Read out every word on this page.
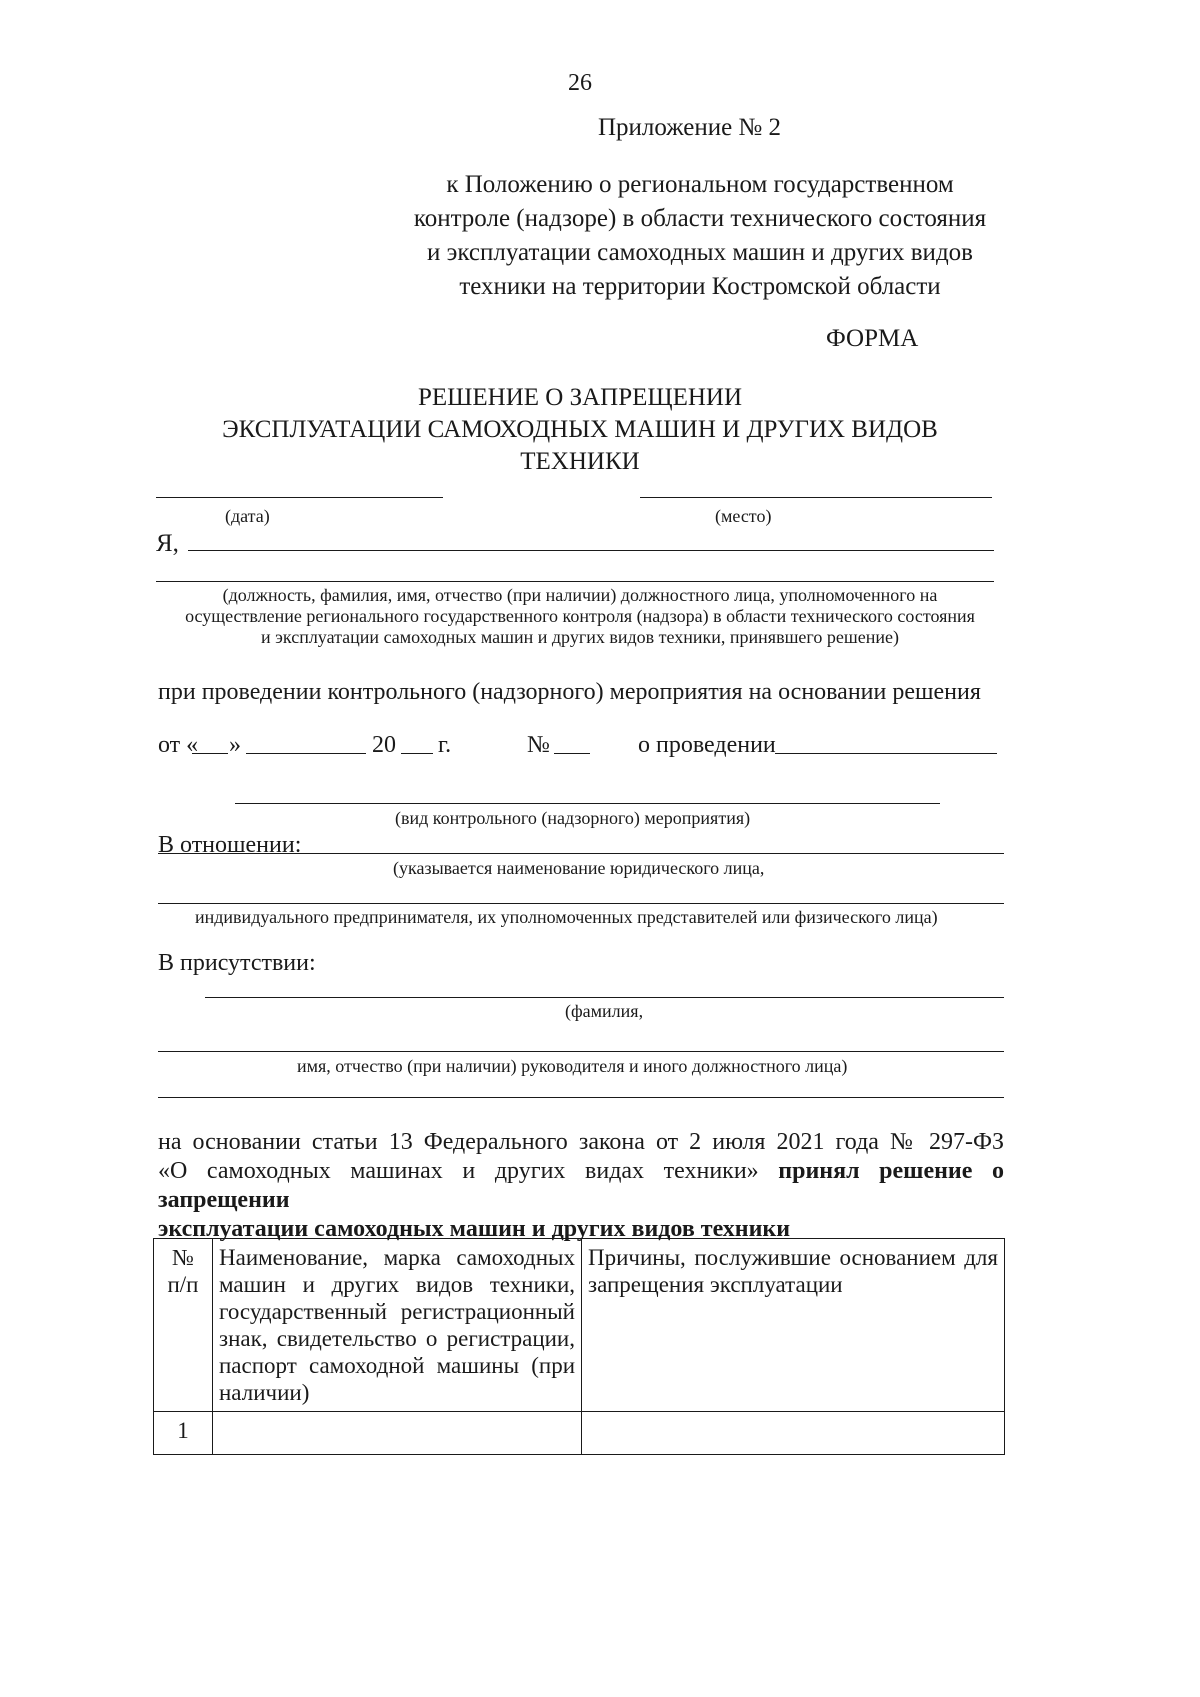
26
Приложение № 2
к Положению о региональном государственном
контроле (надзоре) в области технического состояния
и эксплуатации самоходных машин и других видов
техники на территории Костромской области
ФОРМА
РЕШЕНИЕ О ЗАПРЕЩЕНИИ
ЭКСПЛУАТАЦИИ САМОХОДНЫХ МАШИН И ДРУГИХ ВИДОВ
ТЕХНИКИ
(дата)	(место)
Я,
(должность, фамилия, имя, отчество (при наличии) должностного лица, уполномоченного на
осуществление регионального государственного контроля (надзора) в области технического состояния
и эксплуатации самоходных машин и других видов техники, принявшего решение)
при проведении контрольного (надзорного) мероприятия на основании решения
от « »	20 г.	№	о проведении
(вид контрольного (надзорного) мероприятия)
В отношении:
(указывается наименование юридического лица,
индивидуального предпринимателя, их уполномоченных представителей или физического лица)
В присутствии:
(фамилия,
имя, отчество (при наличии) руководителя и иного должностного лица)
на основании статьи 13 Федерального закона от 2 июля 2021 года № 297-ФЗ
«О самоходных машинах и других видах техники» принял решение о запрещении
эксплуатации самоходных машин и других видов техники
№ п/п	Наименование, марка самоходных машин и других видов техники, государственный регистрационный знак, свидетельство о регистрации, паспорт самоходной машины (при наличии)	Причины, послужившие основанием для запрещения эксплуатации
1		
